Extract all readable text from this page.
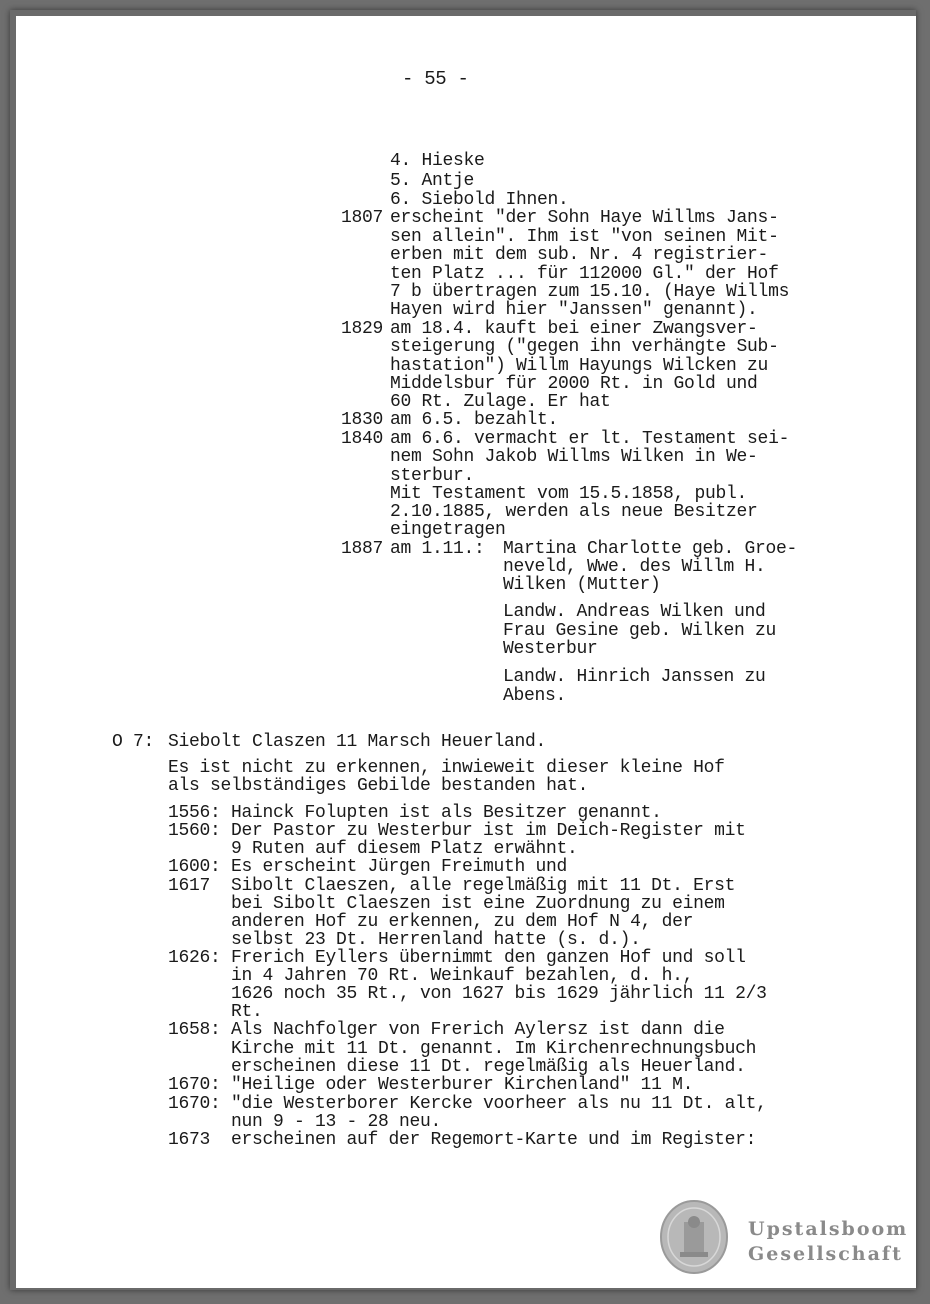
- 55 -
4. Hieske
5. Antje
6. Siebold Ihnen.
1807 erscheint "der Sohn Haye Willms Jans-
sen allein". Ihm ist "von seinen Mit-
erben mit dem sub. Nr. 4 registrier-
ten Platz ... für 112000 Gl." der Hof
7 b übertragen zum 15.10. (Haye Willms
Hayen wird hier "Janssen" genannt).
1829 am 18.4. kauft bei einer Zwangsver-
steigerung ("gegen ihn verhängte Sub-
hastation") Willm Hayungs Wilcken zu
Middelsbur für 2000 Rt. in Gold und
60 Rt. Zulage. Er hat
1830 am 6.5. bezahlt.
1840 am 6.6. vermacht er lt. Testament sei-
nem Sohn Jakob Willms Wilken in We-
sterbur.
Mit Testament vom 15.5.1858, publ.
2.10.1885, werden als neue Besitzer
eingetragen
1887 am 1.11.: Martina Charlotte geb. Groe-
neveld, Wwe. des Willm H.
Wilken (Mutter)
Landw. Andreas Wilken und
Frau Gesine geb. Wilken zu
Westerbur
Landw. Hinrich Janssen zu
Abens.
O 7: Siebolt Claszen 11 Marsch Heuerland.
Es ist nicht zu erkennen, inwieweit dieser kleine Hof
als selbständiges Gebilde bestanden hat.
1556: Hainck Folupten ist als Besitzer genannt.
1560: Der Pastor zu Westerbur ist im Deich-Register mit
9 Ruten auf diesem Platz erwähnt.
1600: Es erscheint Jürgen Freimuth und
1617 Sibolt Claeszen, alle regelmäßig mit 11 Dt. Erst
bei Sibolt Claeszen ist eine Zuordnung zu einem
anderen Hof zu erkennen, zu dem Hof N 4, der
selbst 23 Dt. Herrenland hatte (s. d.).
1626: Frerich Eyllers übernimmt den ganzen Hof und soll
in 4 Jahren 70 Rt. Weinkauf bezahlen, d. h.,
1626 noch 35 Rt., von 1627 bis 1629 jährlich 11 2/3
Rt.
1658: Als Nachfolger von Frerich Aylersz ist dann die
Kirche mit 11 Dt. genannt. Im Kirchenrechnungsbuch
erscheinen diese 11 Dt. regelmäßig als Heuerland.
1670: "Heilige oder Westerburer Kirchenland" 11 M.
1670: "die Westerborer Kercke voorheer als nu 11 Dt. alt,
nun 9 - 13 - 28 neu.
1673 erscheinen auf der Regemort-Karte und im Register:
Upstalsboom
Gesellschaft
